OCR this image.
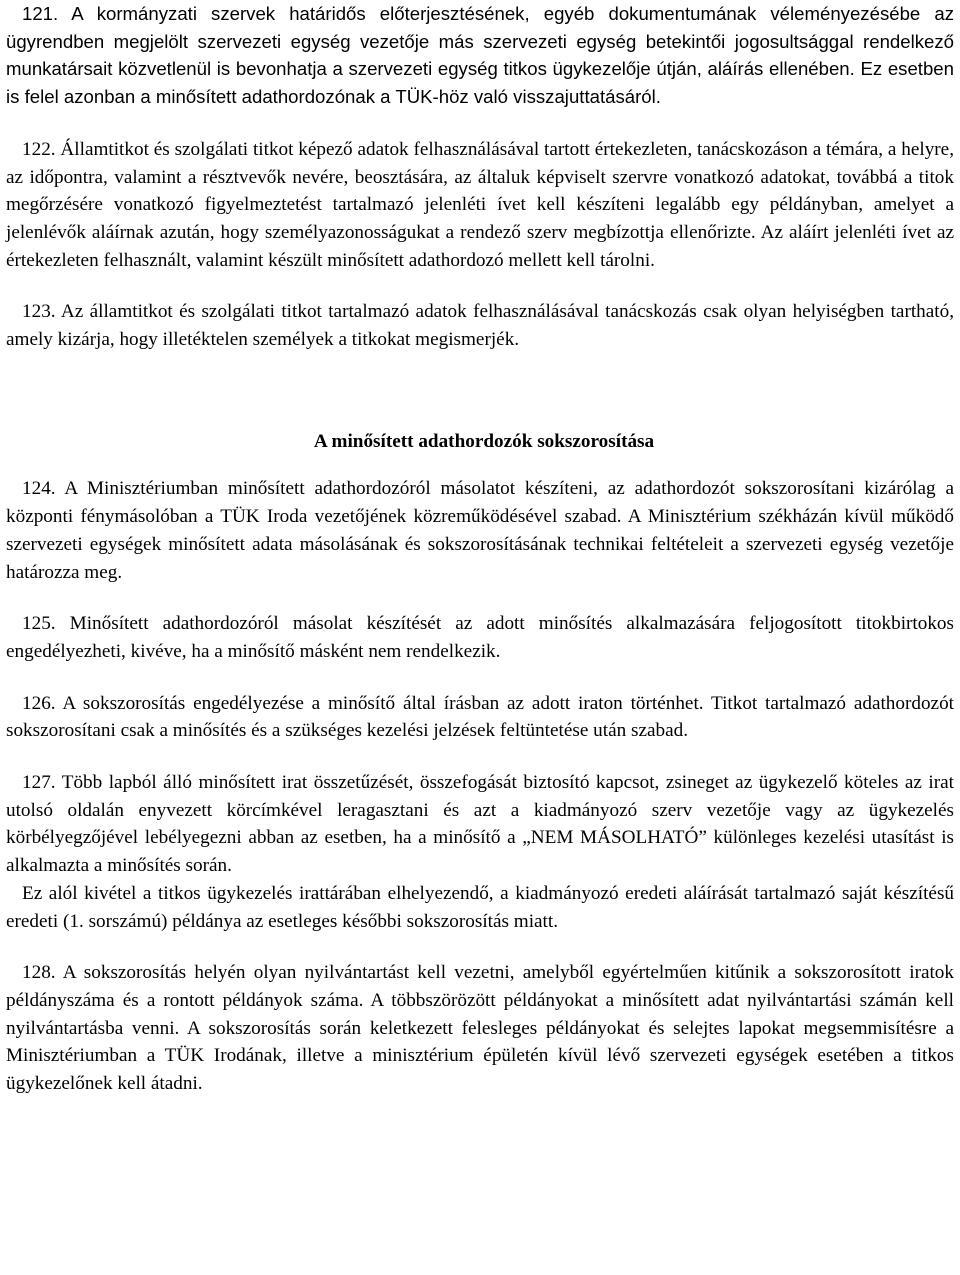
121. A kormányzati szervek határidős előterjesztésének, egyéb dokumentumának véleményezésébe az ügyrendben megjelölt szervezeti egység vezetője más szervezeti egység betekintői jogosultsággal rendelkező munkatársait közvetlenül is bevonhatja a szervezeti egység titkos ügykezelője útján, aláírás ellenében. Ez esetben is felel azonban a minősített adathordozónak a TÜK-höz való visszajuttatásáról.

122. Államtitkot és szolgálati titkot képező adatok felhasználásával tartott értekezleten, tanácskozáson a témára, a helyre, az időpontra, valamint a résztvevők nevére, beosztására, az általuk képviselt szervre vonatkozó adatokat, továbbá a titok megőrzésére vonatkozó figyelmeztetést tartalmazó jelenléti ívet kell készíteni legalább egy példányban, amelyet a jelenlévők aláírnak azután, hogy személyazonosságukat a rendező szerv megbízottja ellenőrizte. Az aláírt jelenléti ívet az értekezleten felhasznált, valamint készült minősített adathordozó mellett kell tárolni.

123. Az államtitkot és szolgálati titkot tartalmazó adatok felhasználásával tanácskozás csak olyan helyiségben tartható, amely kizárja, hogy illetéktelen személyek a titkokat megismerjék.

A minősített adathordozók sokszorosítása

124. A Minisztériumban minősített adathordozóról másolatot készíteni, az adathordozót sokszorosítani kizárólag a központi fénymásolóban a TÜK Iroda vezetőjének közreműködésével szabad. A Minisztérium székházán kívül működő szervezeti egységek minősített adata másolásának és sokszorosításának technikai feltételeit a szervezeti egység vezetője határozza meg.

125. Minősített adathordozóról másolat készítését az adott minősítés alkalmazására feljogosított titokbirtokos engedélyezheti, kivéve, ha a minősítő másként nem rendelkezik.

126. A sokszorosítás engedélyezése a minősítő által írásban az adott iraton történhet. Titkot tartalmazó adathordozót sokszorosítani csak a minősítés és a szükséges kezelési jelzések feltüntetése után szabad.

127. Több lapból álló minősített irat összetűzését, összefogását biztosító kapcsot, zsineget az ügykezelő köteles az irat utolsó oldalán enyvezett körcímkével leragasztani és azt a kiadmányozó szerv vezetője vagy az ügykezelés körbélyegzőjével lebélyegezni abban az esetben, ha a minősítő a „NEM MÁSOLHATÓ” különleges kezelési utasítást is alkalmazta a minősítés során.

Ez alól kivétel a titkos ügykezelés irattárában elhelyezendő, a kiadmányozó eredeti aláírását tartalmazó saját készítésű eredeti (1. sorszámú) példánya az esetleges későbbi sokszorosítás miatt.

128. A sokszorosítás helyén olyan nyilvántartást kell vezetni, amelyből egyértelműen kitűnik a sokszorosított iratok példányszáma és a rontott példányok száma. A többszörözött példányokat a minősített adat nyilvántartási számán kell nyilvántartásba venni. A sokszorosítás során keletkezett felesleges példányokat és selejtes lapokat megsemmisítésre a Minisztériumban a TÜK Irodának, illetve a minisztérium épületén kívül lévő szervezeti egységek esetében a titkos ügykezelőnek kell átadni.
